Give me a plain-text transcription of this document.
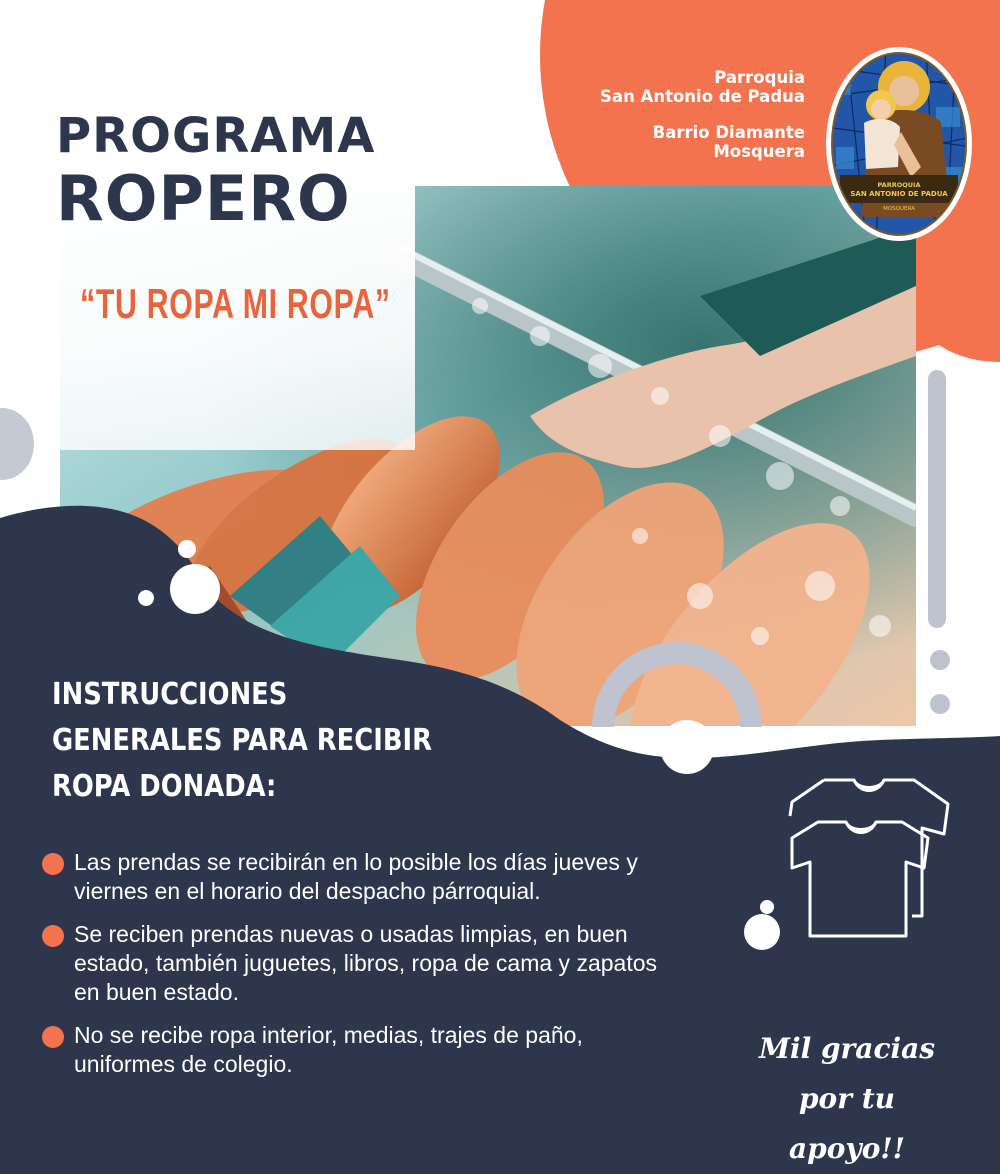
Parroquia
San Antonio de Padua
Barrio Diamante
Mosquera
PARROQUIA
SAN ANTONIO DE PADUA
MOSQUERA
PROGRAMA
ROPERO
“TU ROPA MI ROPA”
INSTRUCCIONES
GENERALES PARA RECIBIR
ROPA DONADA:
Las prendas se recibirán en lo posible los días jueves y viernes en el horario del despacho párroquial.
Se reciben prendas nuevas o usadas limpias, en buen estado, también juguetes, libros, ropa de cama y zapatos en buen estado.
No se recibe ropa interior, medias, trajes de paño, uniformes de colegio.	Mil gracias
por tu apoyo!!
